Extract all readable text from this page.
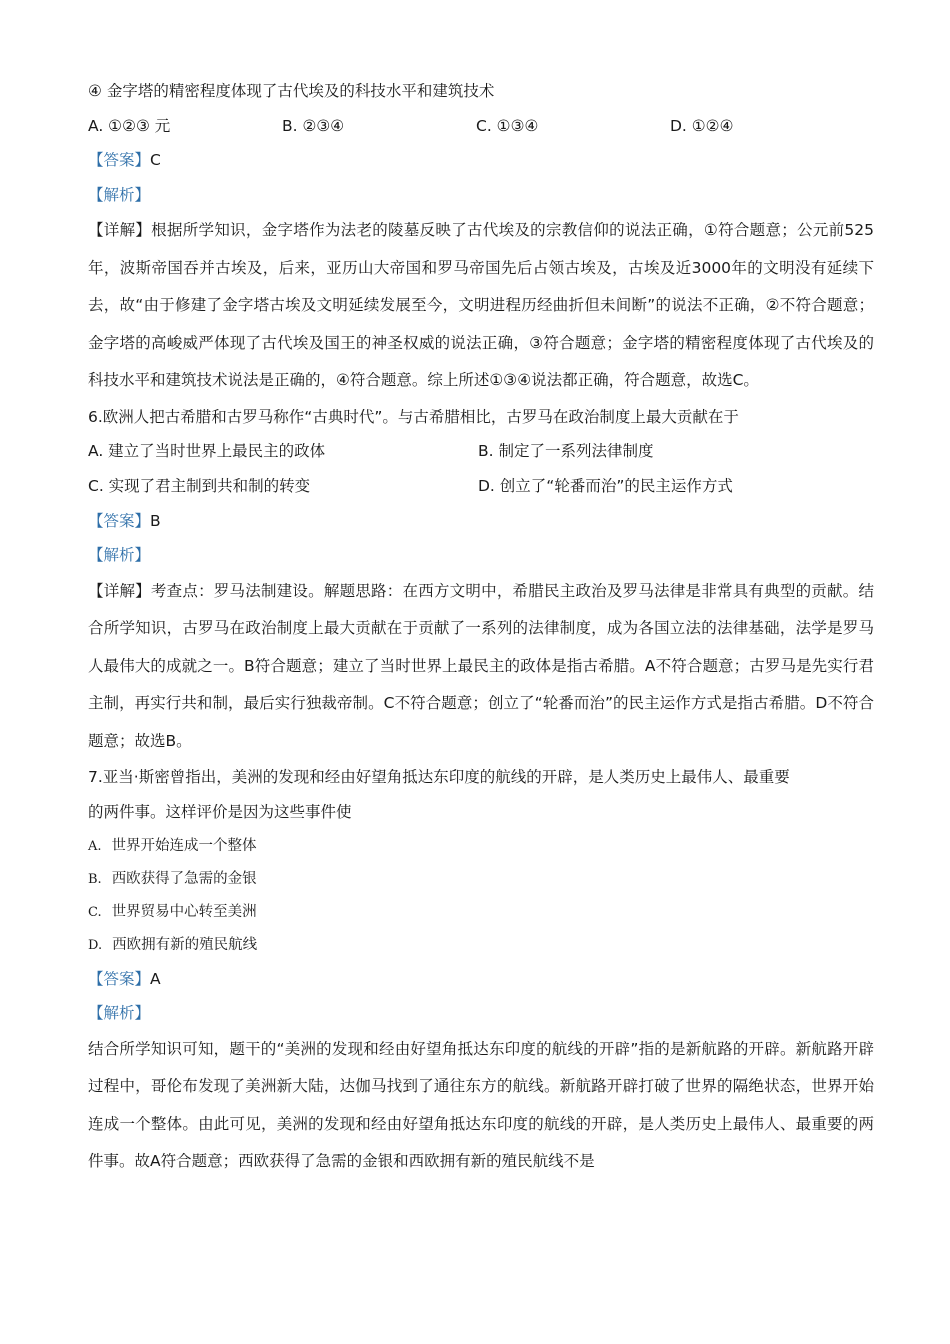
④ 金字塔的精密程度体现了古代埃及的科技水平和建筑技术
A. ①②③ 元	B. ②③④	C. ①③④	D. ①②④
【答案】C
【解析】
【详解】根据所学知识，金字塔作为法老的陵墓反映了古代埃及的宗教信仰的说法正确，①符合题意；公元前525年，波斯帝国吞并古埃及，后来，亚历山大帝国和罗马帝国先后占领古埃及，古埃及近3000年的文明没有延续下去，故“由于修建了金字塔古埃及文明延续发展至今，文明进程历经曲折但未间断”的说法不正确，②不符合题意；金字塔的高峻威严体现了古代埃及国王的神圣权威的说法正确，③符合题意；金字塔的精密程度体现了古代埃及的科技水平和建筑技术说法是正确的，④符合题意。综上所述①③④说法都正确，符合题意，故选C。
6.欧洲人把古希腊和古罗马称作“古典时代”。与古希腊相比，古罗马在政治制度上最大贡献在于
A. 建立了当时世界上最民主的政体	B. 制定了一系列法律制度
C. 实现了君主制到共和制的转变	D. 创立了“轮番而治”的民主运作方式
【答案】B
【解析】
【详解】考查点：罗马法制建设。解题思路：在西方文明中，希腊民主政治及罗马法律是非常具有典型的贡献。结合所学知识，古罗马在政治制度上最大贡献在于贡献了一系列的法律制度，成为各国立法的法律基础，法学是罗马人最伟大的成就之一。B符合题意；建立了当时世界上最民主的政体是指古希腊。A不符合题意；古罗马是先实行君主制，再实行共和制，最后实行独裁帝制。C不符合题意；创立了“轮番而治”的民主运作方式是指古希腊。D不符合题意；故选B。
7.亚当·斯密曾指出，美洲的发现和经由好望角抵达东印度的航线的开辟，是人类历史上最伟人、最重要
的两件事。这样评价是因为这些事件使
A. 世界开始连成一个整体
B. 西欧获得了急需的金银
C. 世界贸易中心转至美洲
D. 西欧拥有新的殖民航线
【答案】A
【解析】
结合所学知识可知，题干的“美洲的发现和经由好望角抵达东印度的航线的开辟”指的是新航路的开辟。新航路开辟过程中，哥伦布发现了美洲新大陆，达伽马找到了通往东方的航线。新航路开辟打破了世界的隔绝状态，世界开始连成一个整体。由此可见，美洲的发现和经由好望角抵达东印度的航线的开辟，是人类历史上最伟人、最重要的两件事。故A符合题意；西欧获得了急需的金银和西欧拥有新的殖民航线不是
